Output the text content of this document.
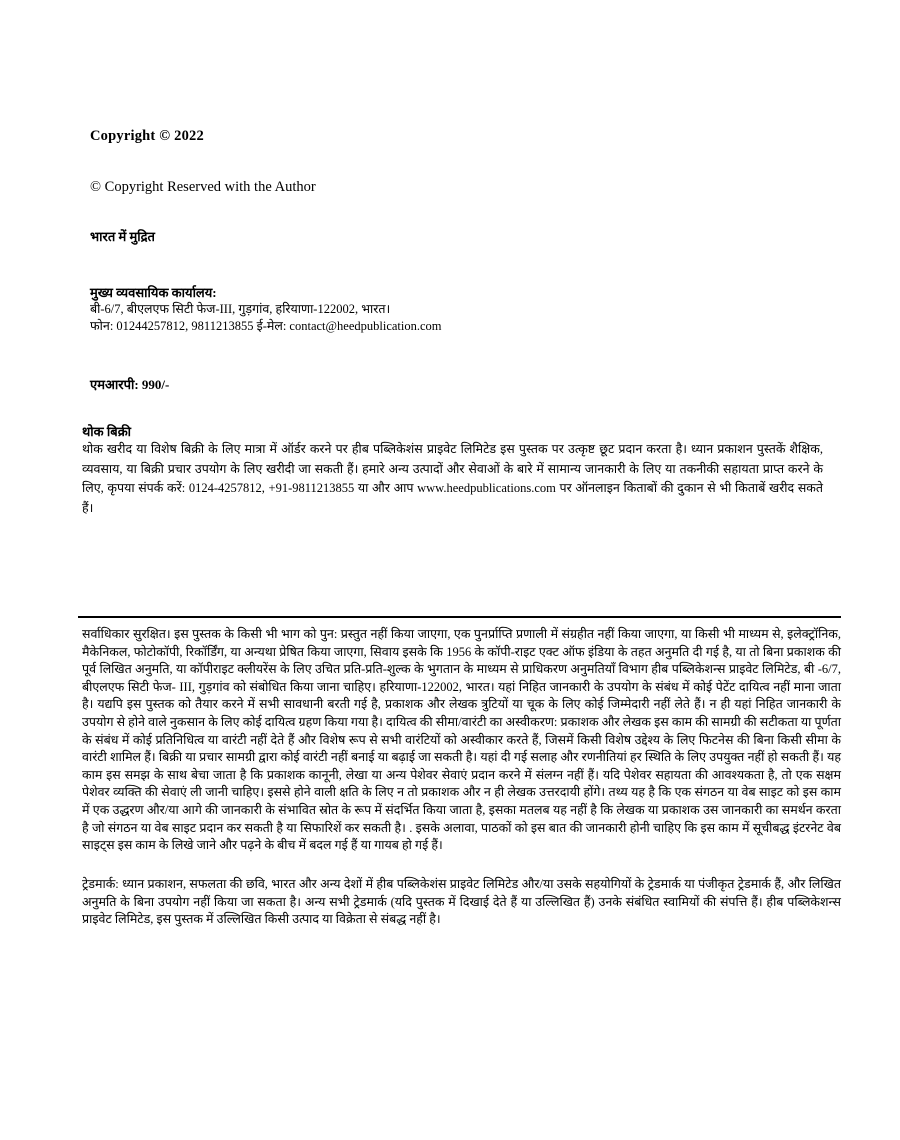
Copyright © 2022
© Copyright Reserved with the Author
भारत में मुद्रित
मुख्य व्यवसायिक कार्यालय:
बी-6/7, बीएलएफ सिटी फेज-III, गुड़गांव, हरियाणा-122002, भारत।
फोन: 01244257812, 9811213855 ई-मेल: contact@heedpublication.com
एमआरपी: 990/-
थोक बिक्री
थोक खरीद या विशेष बिक्री के लिए मात्रा में ऑर्डर करने पर हीब पब्लिकेशंस प्राइवेट लिमिटेड इस पुस्तक पर उत्कृष्ट छूट प्रदान करता है। ध्यान प्रकाशन पुस्तकें शैक्षिक, व्यवसाय, या बिक्री प्रचार उपयोग के लिए खरीदी जा सकती हैं। हमारे अन्य उत्पादों और सेवाओं के बारे में सामान्य जानकारी के लिए या तकनीकी सहायता प्राप्त करने के लिए, कृपया संपर्क करें: 0124-4257812, +91-9811213855 या और आप www.heedpublications.com पर ऑनलाइन किताबों की दुकान से भी किताबें खरीद सकते हैं।
सर्वाधिकार सुरक्षित। इस पुस्तक के किसी भी भाग को पुन: प्रस्तुत नहीं किया जाएगा, एक पुनर्प्राप्ति प्रणाली में संग्रहीत नहीं किया जाएगा, या किसी भी माध्यम से, इलेक्ट्रॉनिक, मैकेनिकल, फोटोकॉपी, रिकॉर्डिंग, या अन्यथा प्रेषित किया जाएगा, सिवाय इसके कि 1956 के कॉपी-राइट एक्ट ऑफ इंडिया के तहत अनुमति दी गई है, या तो बिना प्रकाशक की पूर्व लिखित अनुमति, या कॉपीराइट क्लीयरेंस के लिए उचित प्रति-प्रति-शुल्क के भुगतान के माध्यम से प्राधिकरण अनुमतियाँ विभाग हीब पब्लिकेशन्स प्राइवेट लिमिटेड, बी -6/7, बीएलएफ सिटी फेज- III, गुड़गांव को संबोधित किया जाना चाहिए। हरियाणा-122002, भारत। यहां निहित जानकारी के उपयोग के संबंध में कोई पेटेंट दायित्व नहीं माना जाता है। यद्यपि इस पुस्तक को तैयार करने में सभी सावधानी बरती गई है, प्रकाशक और लेखक त्रुटियों या चूक के लिए कोई जिम्मेदारी नहीं लेते हैं। न ही यहां निहित जानकारी के उपयोग से होने वाले नुकसान के लिए कोई दायित्व ग्रहण किया गया है। दायित्व की सीमा/वारंटी का अस्वीकरण: प्रकाशक और लेखक इस काम की सामग्री की सटीकता या पूर्णता के संबंध में कोई प्रतिनिधित्व या वारंटी नहीं देते हैं और विशेष रूप से सभी वारंटियों को अस्वीकार करते हैं, जिसमें किसी विशेष उद्देश्य के लिए फिटनेस की बिना किसी सीमा के वारंटी शामिल हैं। बिक्री या प्रचार सामग्री द्वारा कोई वारंटी नहीं बनाई या बढ़ाई जा सकती है। यहां दी गई सलाह और रणनीतियां हर स्थिति के लिए उपयुक्त नहीं हो सकती हैं। यह काम इस समझ के साथ बेचा जाता है कि प्रकाशक कानूनी, लेखा या अन्य पेशेवर सेवाएं प्रदान करने में संलग्न नहीं हैं। यदि पेशेवर सहायता की आवश्यकता है, तो एक सक्षम पेशेवर व्यक्ति की सेवाएं ली जानी चाहिए। इससे होने वाली क्षति के लिए न तो प्रकाशक और न ही लेखक उत्तरदायी होंगे। तथ्य यह है कि एक संगठन या वेब साइट को इस काम में एक उद्धरण और/या आगे की जानकारी के संभावित स्रोत के रूप में संदर्भित किया जाता है, इसका मतलब यह नहीं है कि लेखक या प्रकाशक उस जानकारी का समर्थन करता है जो संगठन या वेब साइट प्रदान कर सकती है या सिफारिशें कर सकती है। . इसके अलावा, पाठकों को इस बात की जानकारी होनी चाहिए कि इस काम में सूचीबद्ध इंटरनेट वेब साइट्स इस काम के लिखे जाने और पढ़ने के बीच में बदल गई हैं या गायब हो गई हैं।
ट्रेडमार्क: ध्यान प्रकाशन, सफलता की छवि, भारत और अन्य देशों में हीब पब्लिकेशंस प्राइवेट लिमिटेड और/या उसके सहयोगियों के ट्रेडमार्क या पंजीकृत ट्रेडमार्क हैं, और लिखित अनुमति के बिना उपयोग नहीं किया जा सकता है। अन्य सभी ट्रेडमार्क (यदि पुस्तक में दिखाई देते हैं या उल्लिखित हैं) उनके संबंधित स्वामियों की संपत्ति हैं। हीब पब्लिकेशन्स प्राइवेट लिमिटेड, इस पुस्तक में उल्लिखित किसी उत्पाद या विक्रेता से संबद्ध नहीं है।
